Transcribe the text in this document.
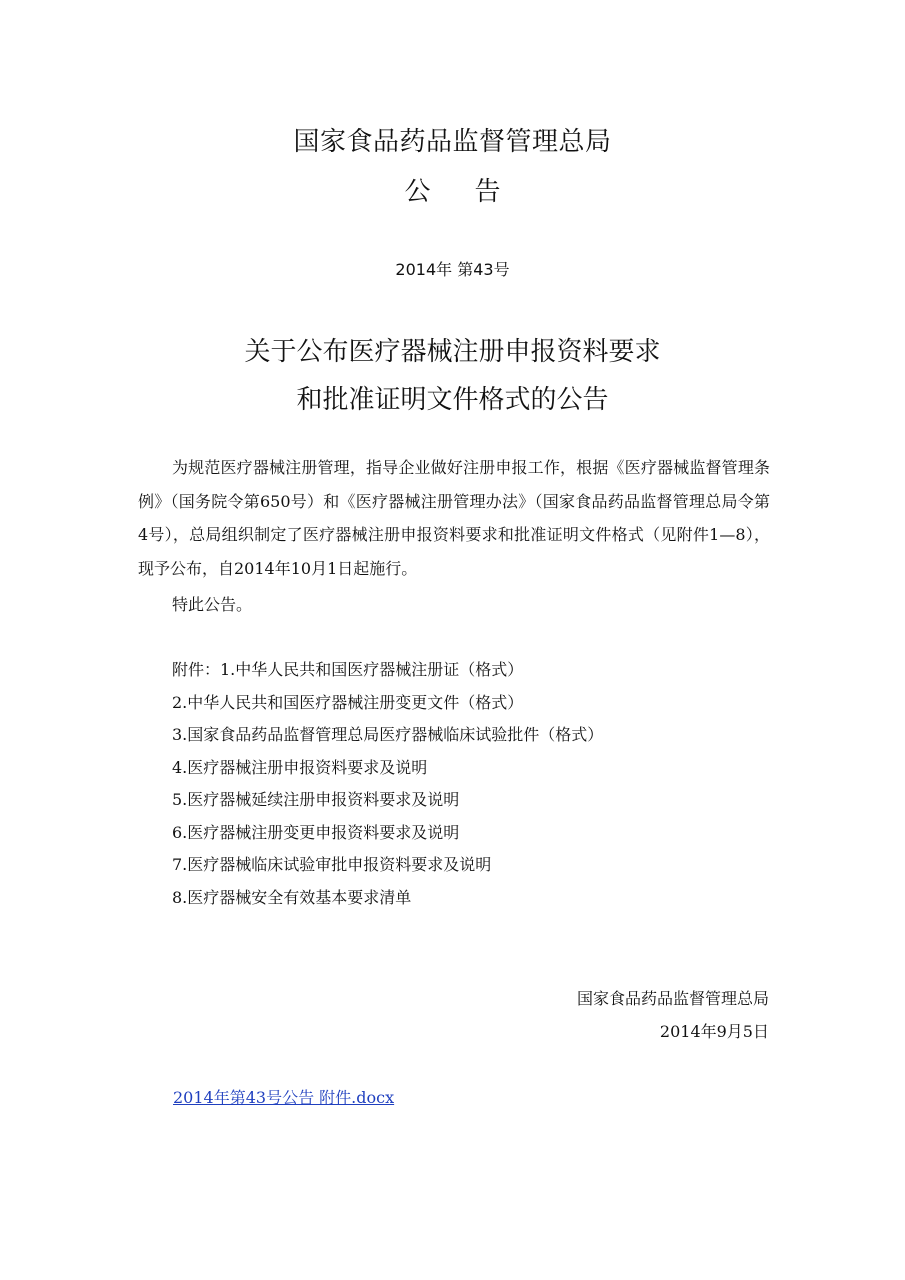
国家食品药品监督管理总局
公告
2014年 第43号
关于公布医疗器械注册申报资料要求
和批准证明文件格式的公告

为规范医疗器械注册管理，指导企业做好注册申报工作，根据《医疗器械监督管理条例》（国务院令第650号）和《医疗器械注册管理办法》（国家食品药品监督管理总局令第4号），总局组织制定了医疗器械注册申报资料要求和批准证明文件格式（见附件1—8），现予公布，自2014年10月1日起施行。

特此公告。
附件：1.中华人民共和国医疗器械注册证（格式）
2.中华人民共和国医疗器械注册变更文件（格式）
3.国家食品药品监督管理总局医疗器械临床试验批件（格式）
4.医疗器械注册申报资料要求及说明
5.医疗器械延续注册申报资料要求及说明
6.医疗器械注册变更申报资料要求及说明
7.医疗器械临床试验审批申报资料要求及说明
8.医疗器械安全有效基本要求清单
国家食品药品监督管理总局
2014年9月5日
2014年第43号公告 附件.docx
